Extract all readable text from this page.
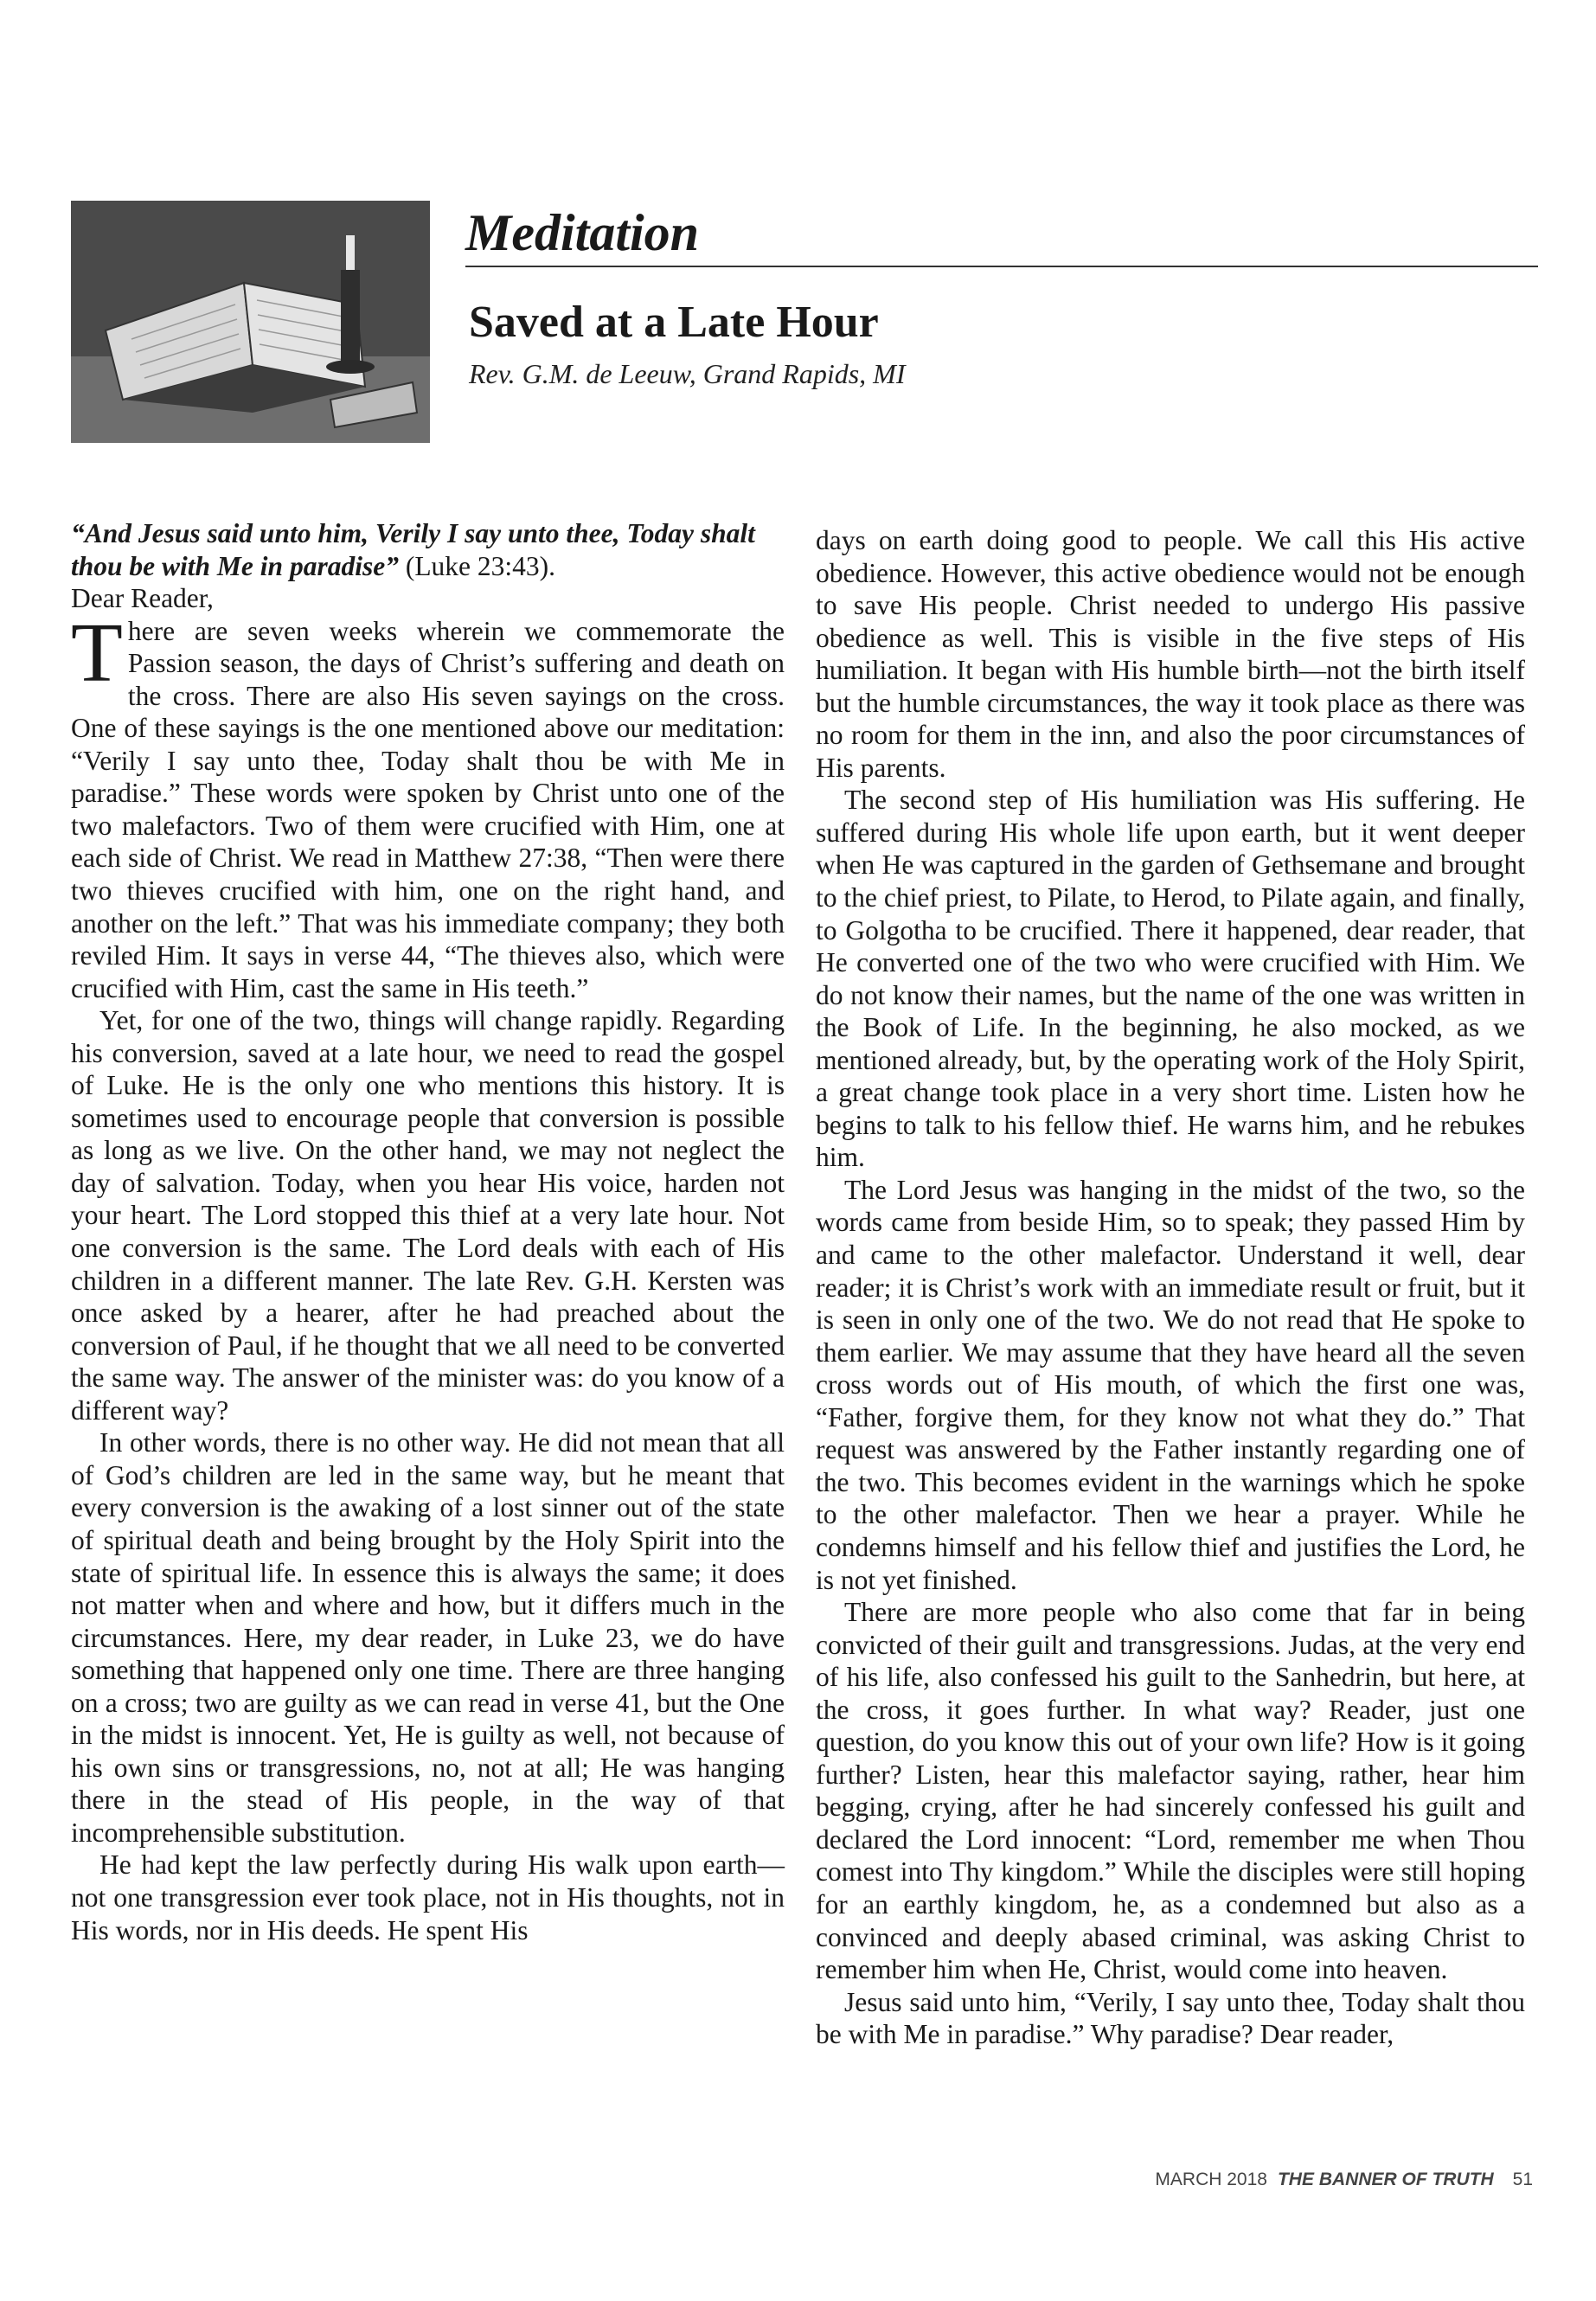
Meditation
Saved at a Late Hour
Rev. G.M. de Leeuw, Grand Rapids, MI

“And Jesus said unto him, Verily I say unto thee, Today shalt thou be with Me in paradise” (Luke 23:43).

Dear Reader,

There are seven weeks wherein we commemorate the Passion season, the days of Christ’s suffering and death on the cross. There are also His seven sayings on the cross. One of these sayings is the one mentioned above our meditation: “Verily I say unto thee, Today shalt thou be with Me in paradise.” These words were spoken by Christ unto one of the two malefactors. Two of them were crucified with Him, one at each side of Christ. We read in Matthew 27:38, “Then were there two thieves crucified with him, one on the right hand, and another on the left.” That was his immediate company; they both reviled Him. It says in verse 44, “The thieves also, which were crucified with Him, cast the same in His teeth.”

Yet, for one of the two, things will change rapidly. Regarding his conversion, saved at a late hour, we need to read the gospel of Luke. He is the only one who mentions this history. It is sometimes used to encourage people that conversion is possible as long as we live. On the other hand, we may not neglect the day of salvation. Today, when you hear His voice, harden not your heart. The Lord stopped this thief at a very late hour. Not one conversion is the same. The Lord deals with each of His children in a different manner. The late Rev. G.H. Kersten was once asked by a hearer, after he had preached about the conversion of Paul, if he thought that we all need to be converted the same way. The answer of the minister was: do you know of a different way?

In other words, there is no other way. He did not mean that all of God’s children are led in the same way, but he meant that every conversion is the awaking of a lost sinner out of the state of spiritual death and being brought by the Holy Spirit into the state of spiritual life. In essence this is always the same; it does not matter when and where and how, but it differs much in the circumstances. Here, my dear reader, in Luke 23, we do have something that happened only one time. There are three hanging on a cross; two are guilty as we can read in verse 41, but the One in the midst is innocent. Yet, He is guilty as well, not because of his own sins or transgressions, no, not at all; He was hanging there in the stead of His people, in the way of that incomprehensible substitution.

He had kept the law perfectly during His walk upon earth—not one transgression ever took place, not in His thoughts, not in His words, nor in His deeds. He spent His

days on earth doing good to people. We call this His active obedience. However, this active obedience would not be enough to save His people. Christ needed to undergo His passive obedience as well. This is visible in the five steps of His humiliation. It began with His humble birth—not the birth itself but the humble circumstances, the way it took place as there was no room for them in the inn, and also the poor circumstances of His parents.

The second step of His humiliation was His suffering. He suffered during His whole life upon earth, but it went deeper when He was captured in the garden of Gethsemane and brought to the chief priest, to Pilate, to Herod, to Pilate again, and finally, to Golgotha to be crucified. There it happened, dear reader, that He converted one of the two who were crucified with Him. We do not know their names, but the name of the one was written in the Book of Life. In the beginning, he also mocked, as we mentioned already, but, by the operating work of the Holy Spirit, a great change took place in a very short time. Listen how he begins to talk to his fellow thief. He warns him, and he rebukes him.

The Lord Jesus was hanging in the midst of the two, so the words came from beside Him, so to speak; they passed Him by and came to the other malefactor. Understand it well, dear reader; it is Christ’s work with an immediate result or fruit, but it is seen in only one of the two. We do not read that He spoke to them earlier. We may assume that they have heard all the seven cross words out of His mouth, of which the first one was, “Father, forgive them, for they know not what they do.” That request was answered by the Father instantly regarding one of the two. This becomes evident in the warnings which he spoke to the other malefactor. Then we hear a prayer. While he condemns himself and his fellow thief and justifies the Lord, he is not yet finished.

There are more people who also come that far in being convicted of their guilt and transgressions. Judas, at the very end of his life, also confessed his guilt to the Sanhedrin, but here, at the cross, it goes further. In what way? Reader, just one question, do you know this out of your own life? How is it going further? Listen, hear this malefactor saying, rather, hear him begging, crying, after he had sincerely confessed his guilt and declared the Lord innocent: “Lord, remember me when Thou comest into Thy kingdom.” While the disciples were still hoping for an earthly kingdom, he, as a condemned but also as a convinced and deeply abased criminal, was asking Christ to remember him when He, Christ, would come into heaven.

Jesus said unto him, “Verily, I say unto thee, Today shalt thou be with Me in paradise.” Why paradise? Dear reader,

MARCH 2018 THE BANNER OF TRUTH 51
